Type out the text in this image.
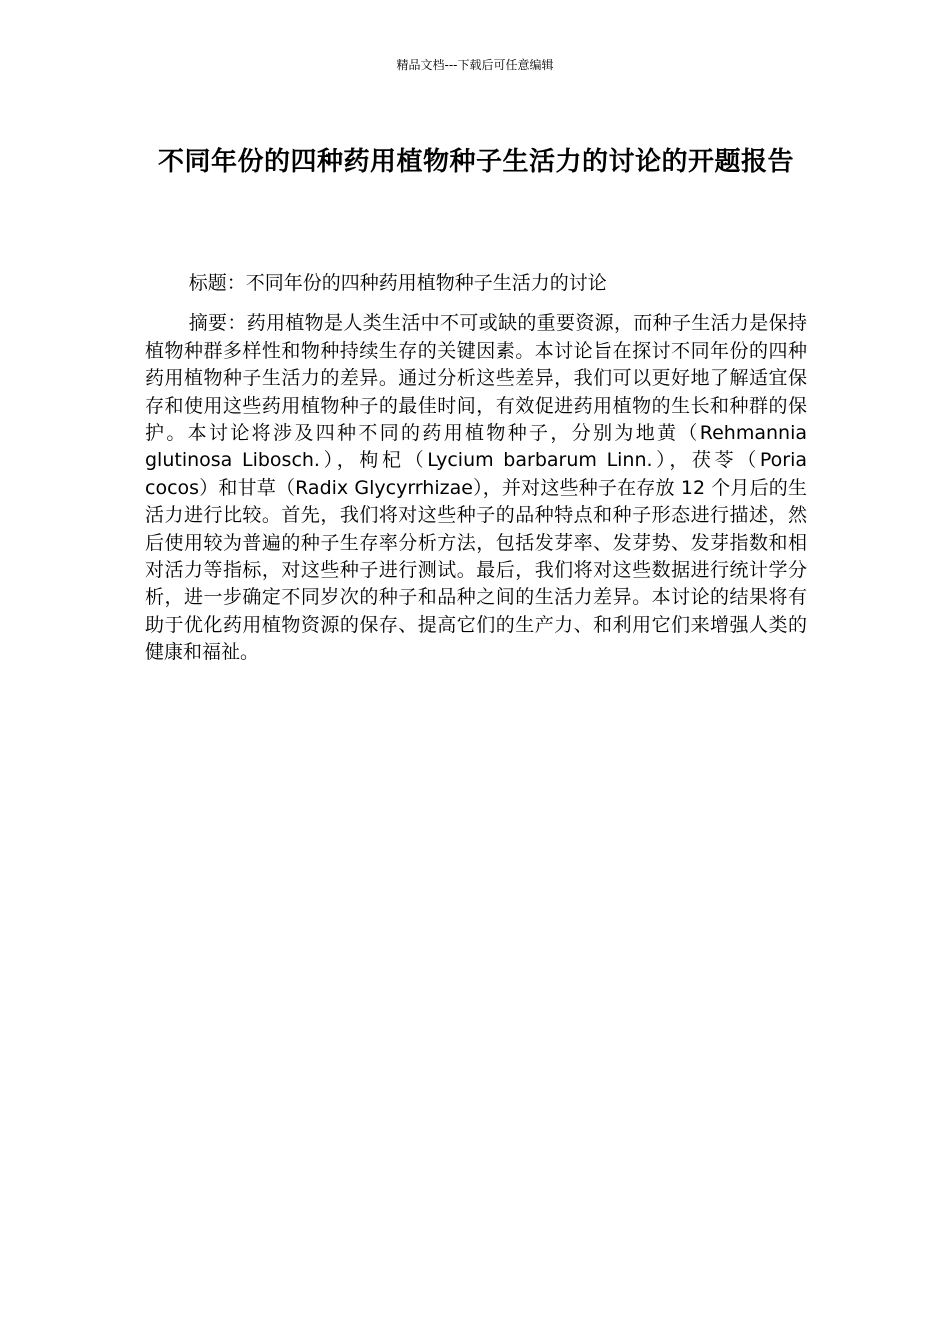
精品文档---下载后可任意编辑
不同年份的四种药用植物种子生活力的讨论的开题报告

标题：不同年份的四种药用植物种子生活力的讨论

摘要：药用植物是人类生活中不可或缺的重要资源，而种子生活力是保持植物种群多样性和物种持续生存的关键因素。本讨论旨在探讨不同年份的四种药用植物种子生活力的差异。通过分析这些差异，我们可以更好地了解适宜保存和使用这些药用植物种子的最佳时间，有效促进药用植物的生长和种群的保护。本讨论将涉及四种不同的药用植物种子，分别为地黄（Rehmannia glutinosa Libosch.），枸杞（Lycium barbarum Linn.），茯苓（Poria cocos）和甘草（Radix Glycyrrhizae），并对这些种子在存放 12 个月后的生活力进行比较。首先，我们将对这些种子的品种特点和种子形态进行描述，然后使用较为普遍的种子生存率分析方法，包括发芽率、发芽势、发芽指数和相对活力等指标，对这些种子进行测试。最后，我们将对这些数据进行统计学分析，进一步确定不同岁次的种子和品种之间的生活力差异。本讨论的结果将有助于优化药用植物资源的保存、提高它们的生产力、和利用它们来增强人类的健康和福祉。
